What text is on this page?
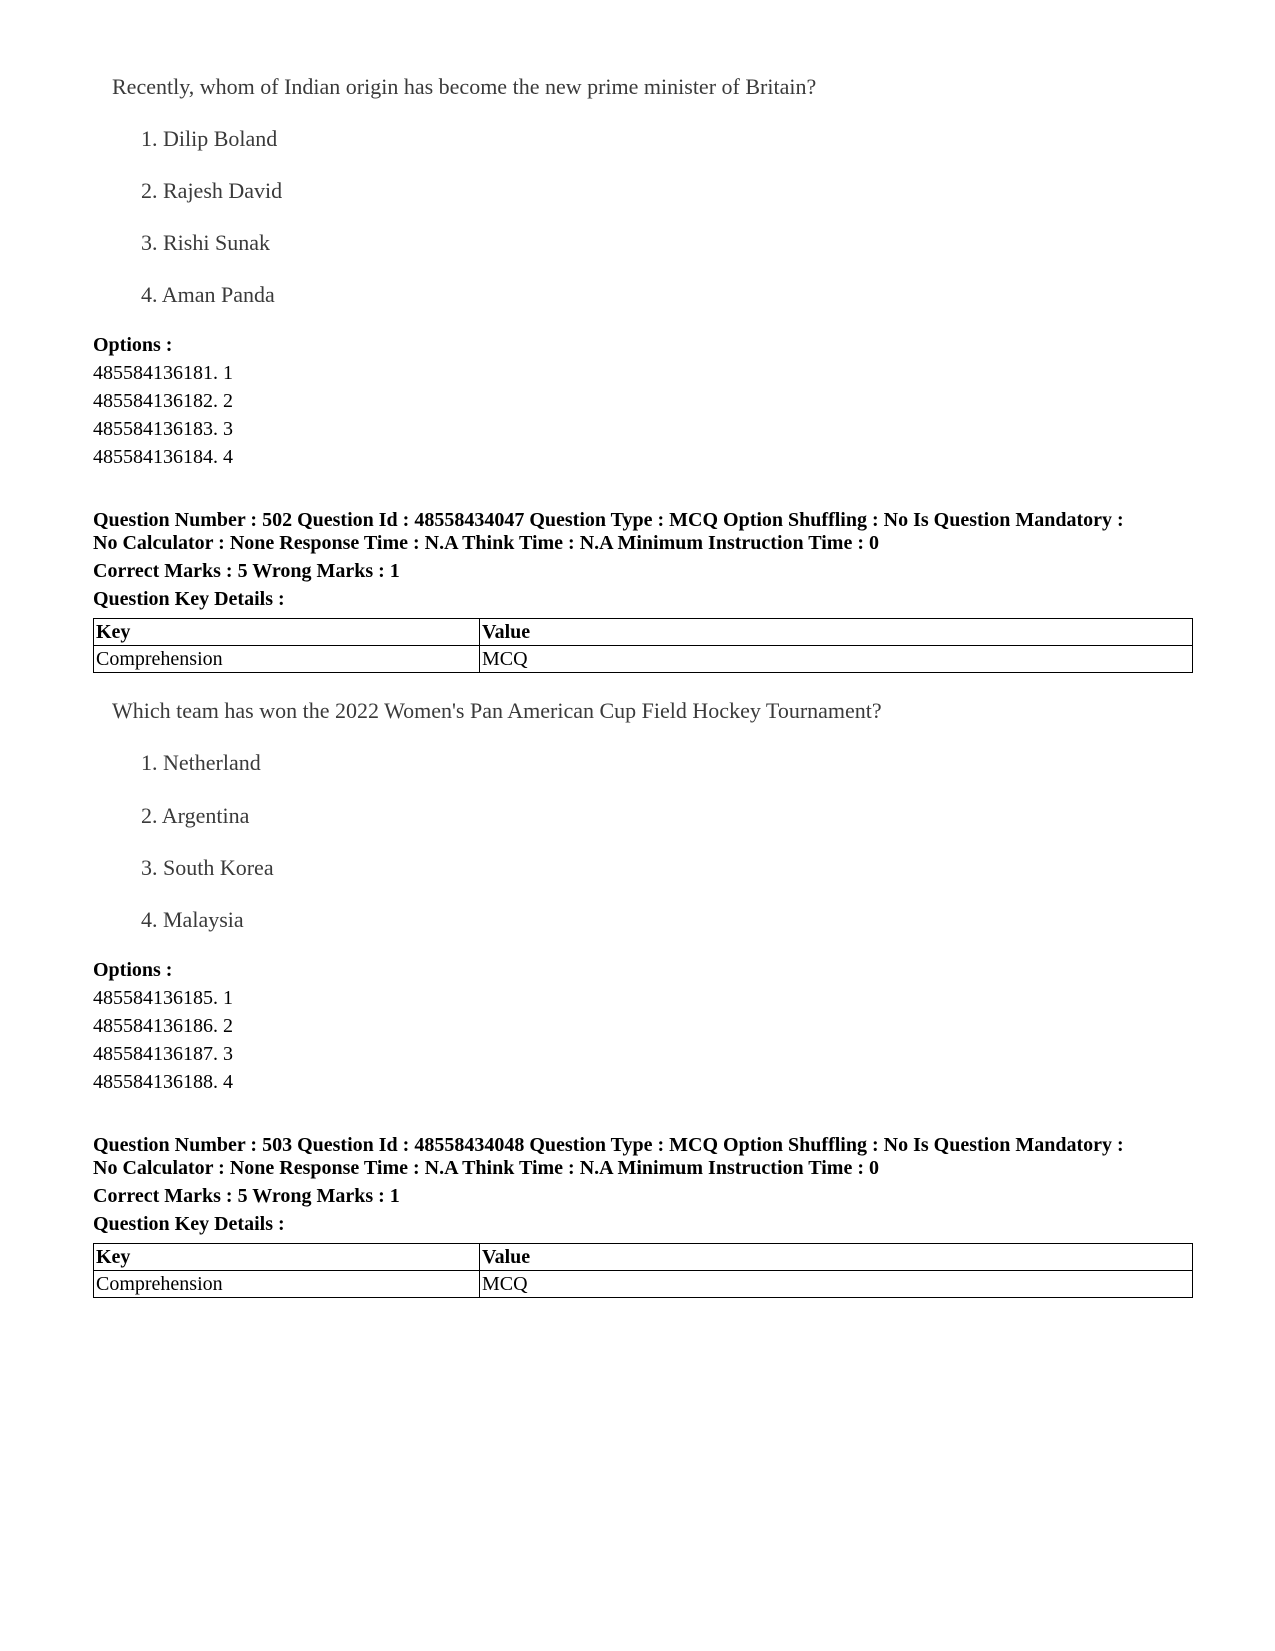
Recently, whom of Indian origin has become the new prime minister of Britain?
1. Dilip Boland
2. Rajesh David
3. Rishi Sunak
4. Aman Panda
Options :
485584136181. 1
485584136182. 2
485584136183. 3
485584136184. 4
Question Number : 502 Question Id : 48558434047 Question Type : MCQ Option Shuffling : No Is Question Mandatory :
No Calculator : None Response Time : N.A Think Time : N.A Minimum Instruction Time : 0
Correct Marks : 5 Wrong Marks : 1
Question Key Details :
Key	Value
Comprehension	MCQ
Which team has won the 2022 Women's Pan American Cup Field Hockey Tournament?
1. Netherland
2. Argentina
3. South Korea
4. Malaysia
Options :
485584136185. 1
485584136186. 2
485584136187. 3
485584136188. 4
Question Number : 503 Question Id : 48558434048 Question Type : MCQ Option Shuffling : No Is Question Mandatory :
No Calculator : None Response Time : N.A Think Time : N.A Minimum Instruction Time : 0
Correct Marks : 5 Wrong Marks : 1
Question Key Details :
Key	Value
Comprehension	MCQ
